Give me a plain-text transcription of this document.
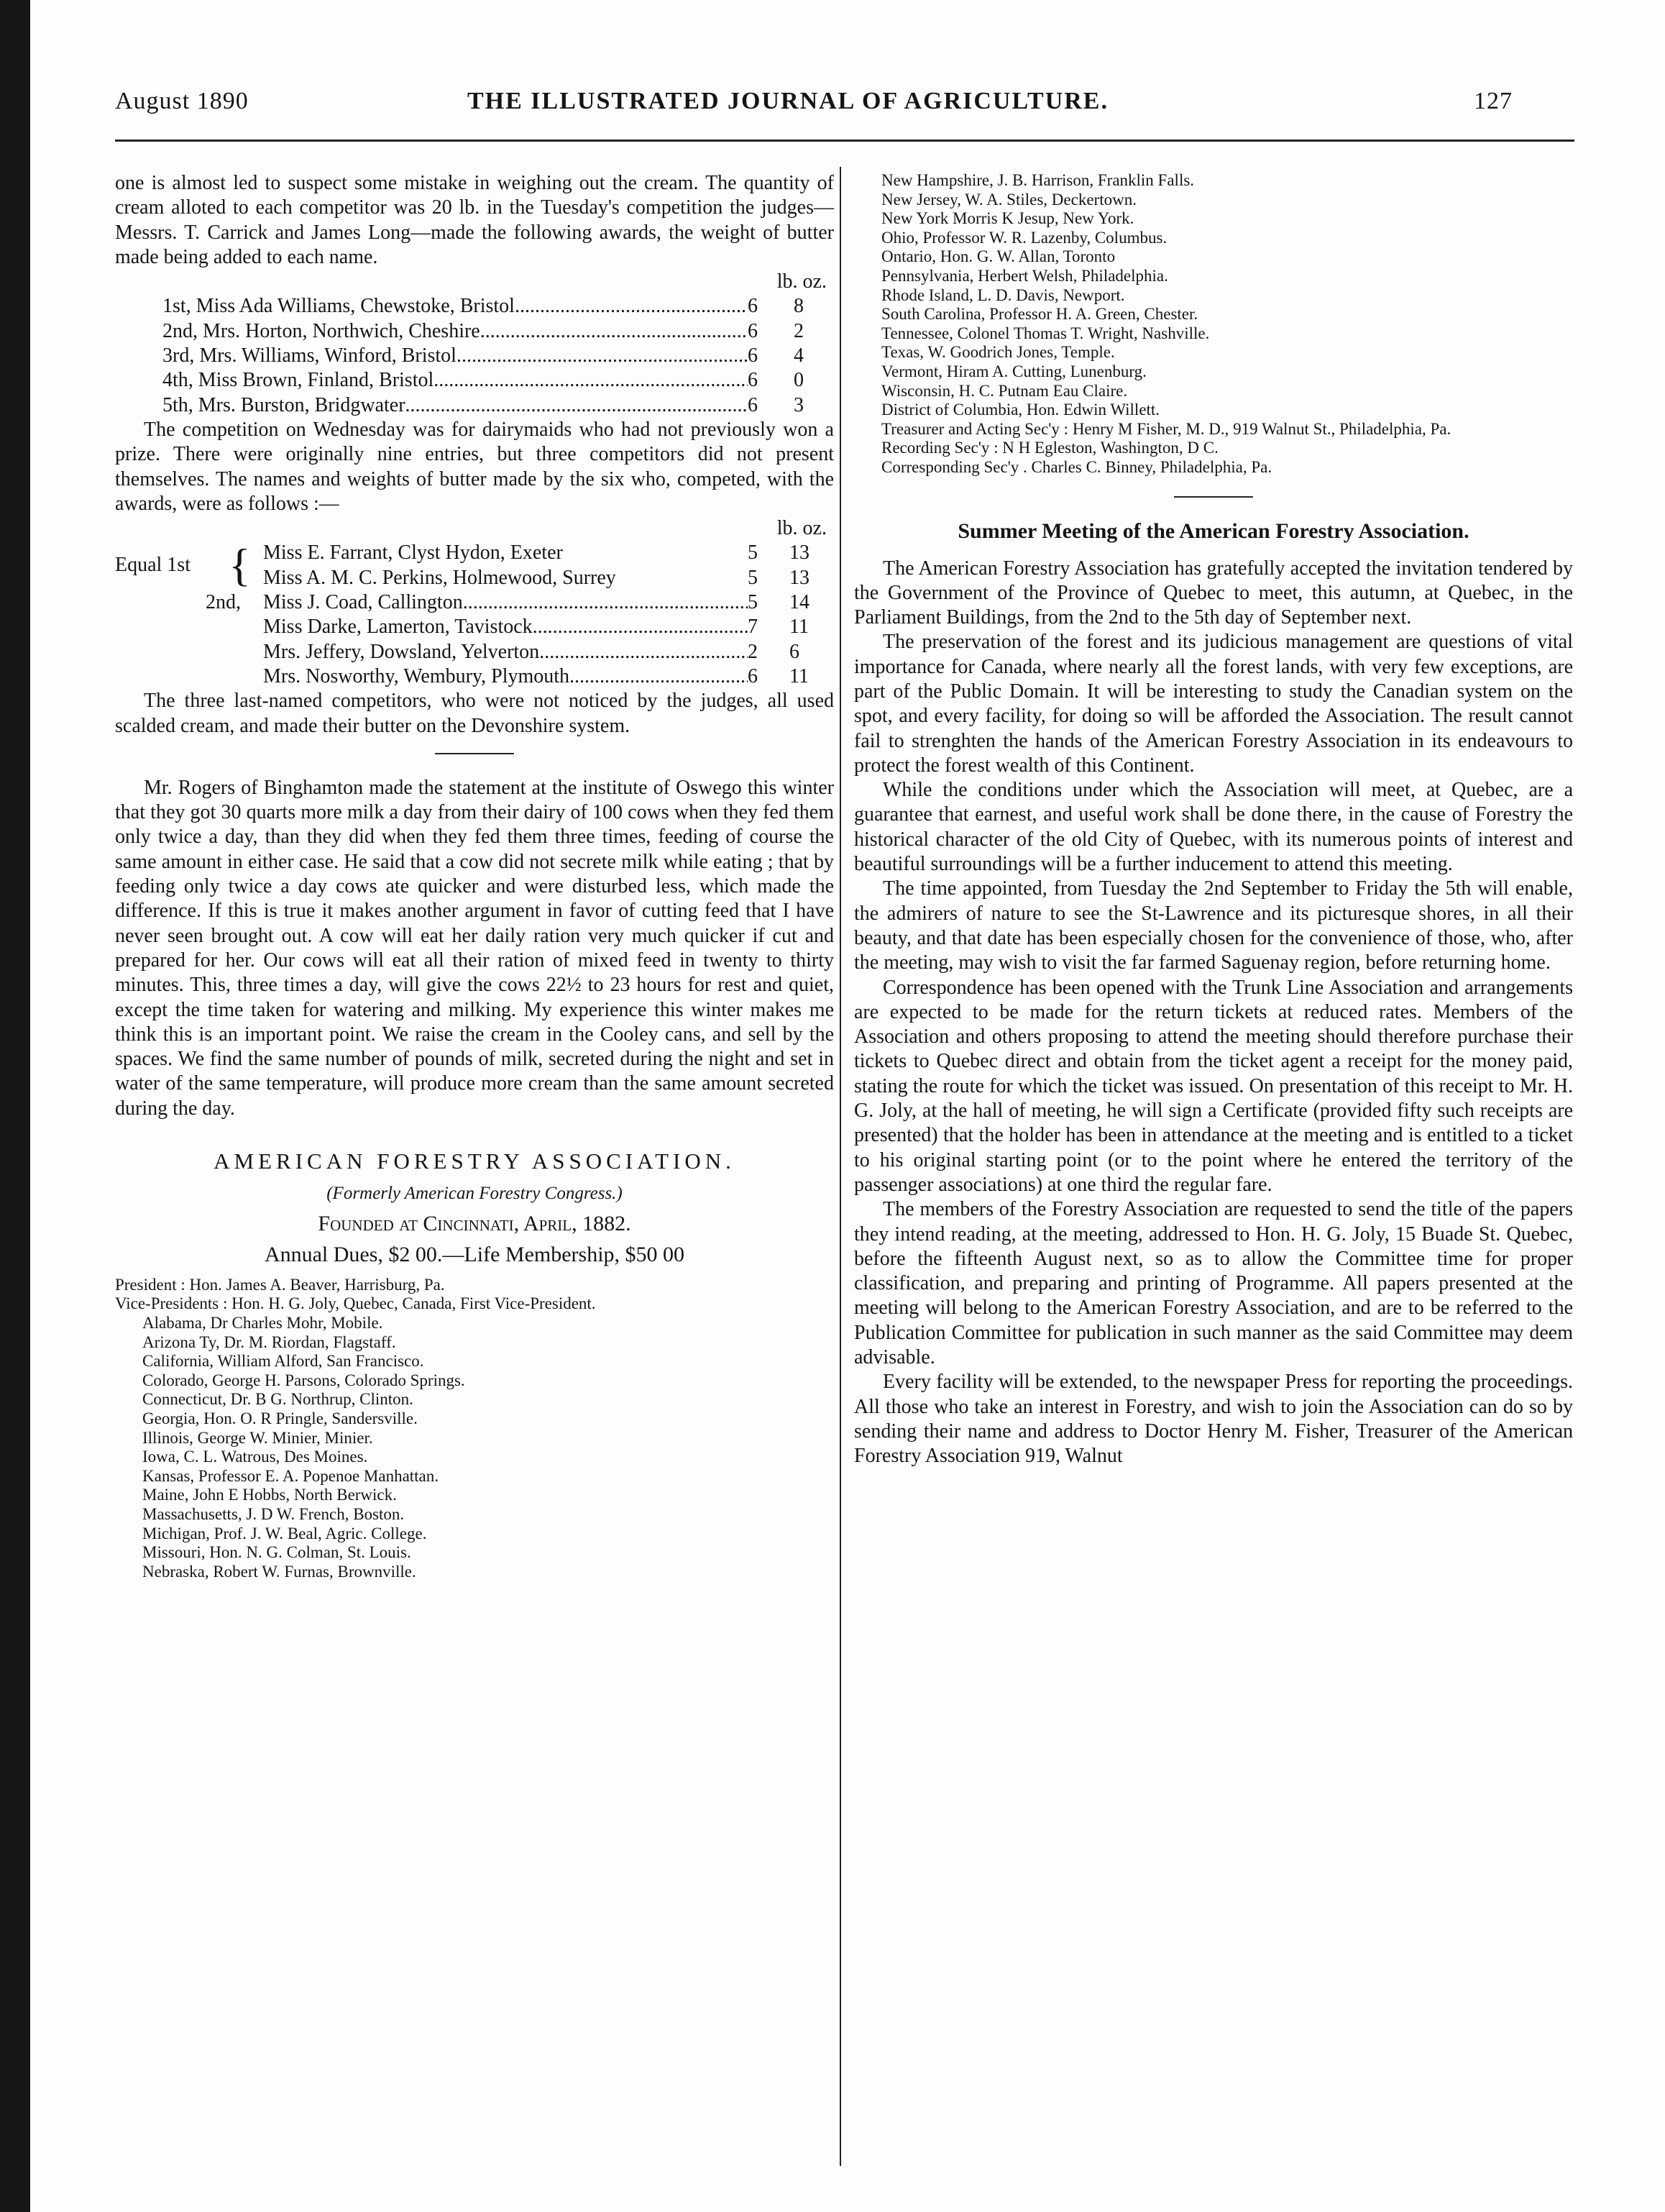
August 1890	THE ILLUSTRATED JOURNAL OF AGRICULTURE.	127

one is almost led to suspect some mistake in weighing out the cream. The quantity of cream alloted to each competitor was 20 lb. in the Tuesday's competition the judges—Messrs. T. Carrick and James Long—made the following awards, the weight of butter made being added to each name.

lb. oz.
1st, Miss Ada Williams, Chewstoke, Bristol .....	6	8
2nd, Mrs. Horton, Northwich, Cheshire .....	6	2
3rd, Mrs. Williams, Winford, Bristol .....	6	4
4th, Miss Brown, Finland, Bristol .....	6	0
5th, Mrs. Burston, Bridgwater .....	6	3

The competition on Wednesday was for dairymaids who had not previously won a prize. There were originally nine entries, but three competitors did not present themselves. The names and weights of butter made by the six who, competed, with the awards, were as follows :—

lb. oz.
Equal 1st { Miss E. Farrant, Clyst Hydon, Exeter	5	13
Miss A. M. C. Perkins, Holmewood, Surrey	5	13
2nd, Miss J. Coad, Callington .....	5	14
Miss Darke, Lamerton, Tavistock .....	7	11
Mrs. Jeffery, Dowsland, Yelverton .....	2	6
Mrs. Nosworthy, Wembury, Plymouth .....	6	11

The three last-named competitors, who were not noticed by the judges, all used scalded cream, and made their butter on the Devonshire system.

Mr. Rogers of Binghamton made the statement at the institute of Oswego this winter that they got 30 quarts more milk a day from their dairy of 100 cows when they fed them only twice a day, than they did when they fed them three times, feeding of course the same amount in either case. He said that a cow did not secrete milk while eating ; that by feeding only twice a day cows ate quicker and were disturbed less, which made the difference. If this is true it makes another argument in favor of cutting feed that I have never seen brought out. A cow will eat her daily ration very much quicker if cut and prepared for her. Our cows will eat all their ration of mixed feed in twenty to thirty minutes. This, three times a day, will give the cows 22½ to 23 hours for rest and quiet, except the time taken for watering and milking. My experience this winter makes me think this is an important point. We raise the cream in the Cooley cans, and sell by the spaces. We find the same number of pounds of milk, secreted during the night and set in water of the same temperature, will produce more cream than the same amount secreted during the day.

AMERICAN FORESTRY ASSOCIATION.
(Formerly American Forestry Congress.)
Founded at Cincinnati, April, 1882.
Annual Dues, $2 00.—Life Membership, $50 00

President : Hon. James A. Beaver, Harrisburg, Pa.

Vice-Presidents : Hon. H. G. Joly, Quebec, Canada, First Vice-President.

Alabama, Dr Charles Mohr, Mobile.
Arizona Ty, Dr. M. Riordan, Flagstaff.
California, William Alford, San Francisco.
Colorado, George H. Parsons, Colorado Springs.
Connecticut, Dr. B G. Northrup, Clinton.
Georgia, Hon. O. R Pringle, Sandersville.
Illinois, George W. Minier, Minier.
Iowa, C. L. Watrous, Des Moines.
Kansas, Professor E. A. Popenoe Manhattan.
Maine, John E Hobbs, North Berwick.
Massachusetts, J. D W. French, Boston.
Michigan, Prof. J. W. Beal, Agric. College.
Missouri, Hon. N. G. Colman, St. Louis.
Nebraska, Robert W. Furnas, Brownville.
New Hampshire, J. B. Harrison, Franklin Falls.
New Jersey, W. A. Stiles, Deckertown.
New York Morris K Jesup, New York.
Ohio, Professor W. R. Lazenby, Columbus.
Ontario, Hon. G. W. Allan, Toronto
Pennsylvania, Herbert Welsh, Philadelphia.
Rhode Island, L. D. Davis, Newport.
South Carolina, Professor H. A. Green, Chester.
Tennessee, Colonel Thomas T. Wright, Nashville.
Texas, W. Goodrich Jones, Temple.
Vermont, Hiram A. Cutting, Lunenburg.
Wisconsin, H. C. Putnam Eau Claire.
District of Columbia, Hon. Edwin Willett.

Treasurer and Acting Sec'y : Henry M Fisher, M. D., 919 Walnut St., Philadelphia, Pa.

Recording Sec'y : N H Egleston, Washington, D C.

Corresponding Sec'y . Charles C. Binney, Philadelphia, Pa.

Summer Meeting of the American Forestry Association.

The American Forestry Association has gratefully accepted the invitation tendered by the Government of the Province of Quebec to meet, this autumn, at Quebec, in the Parliament Buildings, from the 2nd to the 5th day of September next.

The preservation of the forest and its judicious management are questions of vital importance for Canada, where nearly all the forest lands, with very few exceptions, are part of the Public Domain. It will be interesting to study the Canadian system on the spot, and every facility, for doing so will be afforded the Association. The result cannot fail to strenghten the hands of the American Forestry Association in its endeavours to protect the forest wealth of this Continent.

While the conditions under which the Association will meet, at Quebec, are a guarantee that earnest, and useful work shall be done there, in the cause of Forestry the historical character of the old City of Quebec, with its numerous points of interest and beautiful surroundings will be a further inducement to attend this meeting.

The time appointed, from Tuesday the 2nd September to Friday the 5th will enable, the admirers of nature to see the St-Lawrence and its picturesque shores, in all their beauty, and that date has been especially chosen for the convenience of those, who, after the meeting, may wish to visit the far farmed Saguenay region, before returning home.

Correspondence has been opened with the Trunk Line Association and arrangements are expected to be made for the return tickets at reduced rates. Members of the Association and others proposing to attend the meeting should therefore purchase their tickets to Quebec direct and obtain from the ticket agent a receipt for the money paid, stating the route for which the ticket was issued. On presentation of this receipt to Mr. H. G. Joly, at the hall of meeting, he will sign a Certificate (provided fifty such receipts are presented) that the holder has been in attendance at the meeting and is entitled to a ticket to his original starting point (or to the point where he entered the territory of the passenger associations) at one third the regular fare.

The members of the Forestry Association are requested to send the title of the papers they intend reading, at the meeting, addressed to Hon. H. G. Joly, 15 Buade St. Quebec, before the fifteenth August next, so as to allow the Committee time for proper classification, and preparing and printing of Programme. All papers presented at the meeting will belong to the American Forestry Association, and are to be referred to the Publication Committee for publication in such manner as the said Committee may deem advisable.

Every facility will be extended, to the newspaper Press for reporting the proceedings. All those who take an interest in Forestry, and wish to join the Association can do so by sending their name and address to Doctor Henry M. Fisher, Treasurer of the American Forestry Association 919, Walnut
